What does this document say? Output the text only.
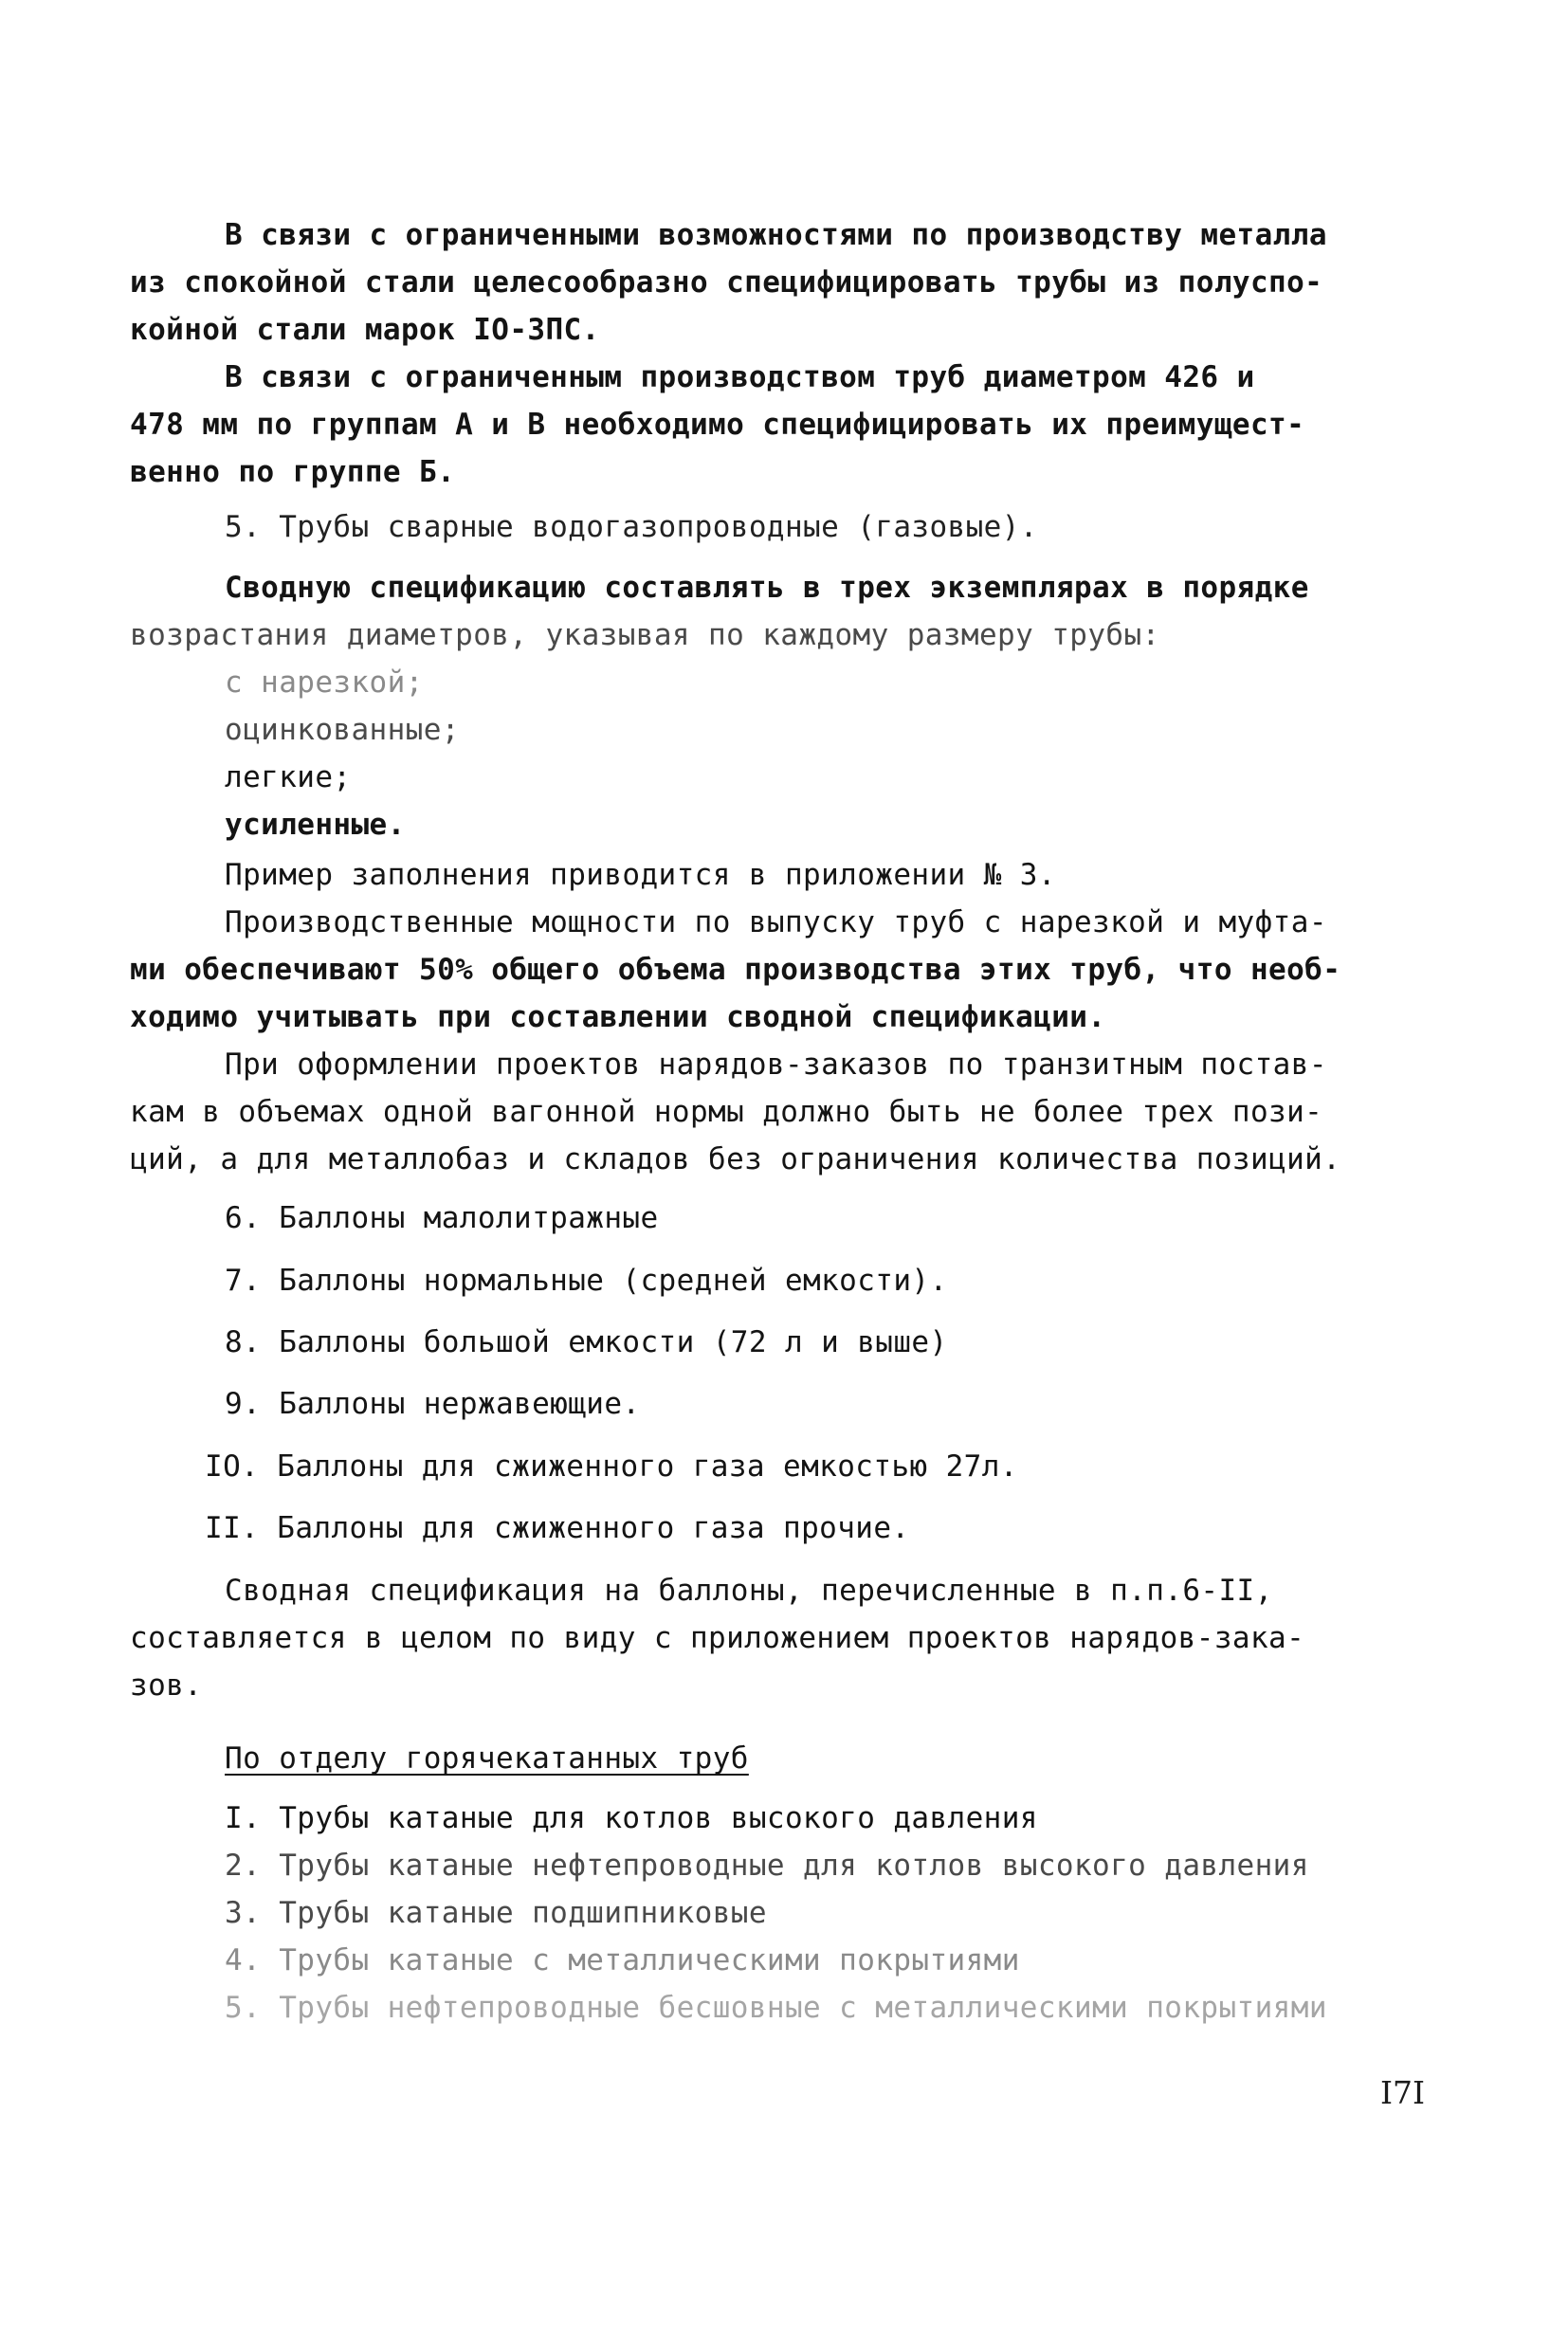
В связи с ограниченными возможностями по производству металла
из спокойной стали целесообразно специфицировать трубы из полуспо-
койной стали марок IO-3ПС.
В связи с ограниченным производством труб диаметром 426 и
478 мм по группам А и В необходимо специфицировать их преимущест-
венно по группе Б.
5. Трубы сварные водогазопроводные (газовые).
Сводную спецификацию составлять в трех экземплярах в порядке
возрастания диаметров, указывая по каждому размеру трубы:
с нарезкой;
оцинкованные;
легкие;
усиленные.
Пример заполнения приводится в приложении № 3.
Производственные мощности по выпуску труб с нарезкой и муфта-
ми обеспечивают 50% общего объема производства этих труб, что необ-
ходимо учитывать при составлении сводной спецификации.
При оформлении проектов нарядов-заказов по транзитным постав-
кам в объемах одной вагонной нормы должно быть не более трех пози-
ций, а для металлобаз и складов без ограничения количества позиций.
6. Баллоны малолитражные
7. Баллоны нормальные (средней емкости).
8. Баллоны большой емкости (72 л и выше)
9. Баллоны нержавеющие.
IO. Баллоны для сжиженного газа емкостью 27л.
II. Баллоны для сжиженного газа прочие.
Сводная спецификация на баллоны, перечисленные в п.п.6-II,
составляется в целом по виду с приложением проектов нарядов-зака-
зов.
По отделу горячекатанных труб
I. Трубы катаные для котлов высокого давления
2. Трубы катаные нефтепроводные для котлов высокого давления
3. Трубы катаные подшипниковые
4. Трубы катаные с металлическими покрытиями
5. Трубы нефтепроводные бесшовные с металлическими покрытиями
I7I
